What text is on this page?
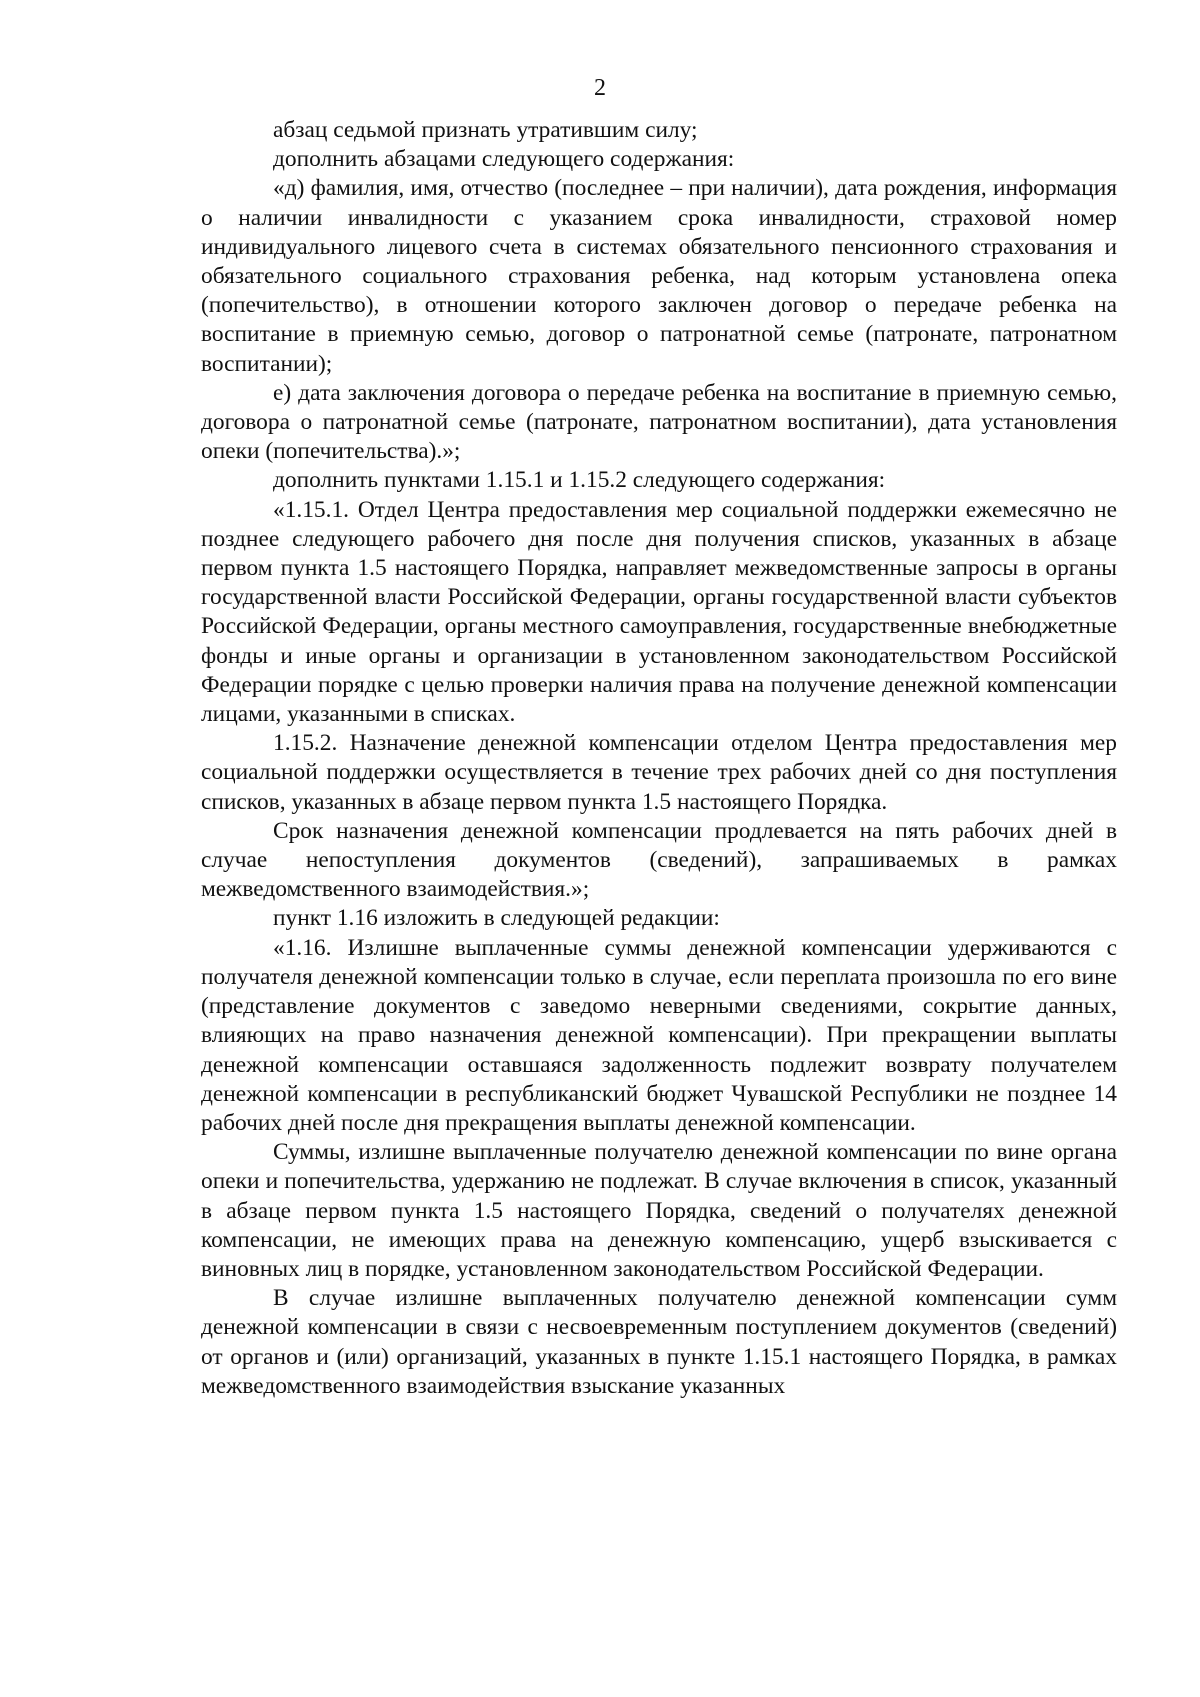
2

абзац седьмой признать утратившим силу;

дополнить абзацами следующего содержания:

«д) фамилия, имя, отчество (последнее – при наличии), дата рождения, информация о наличии инвалидности с указанием срока инвалидности, страховой номер индивидуального лицевого счета в системах обязательного пенсионного страхования и обязательного социального страхования ребенка, над которым установлена опека (попечительство), в отношении которого заключен договор о передаче ребенка на воспитание в приемную семью, договор о патронатной семье (патронате, патронатном воспитании);

е) дата заключения договора о передаче ребенка на воспитание в приемную семью, договора о патронатной семье (патронате, патронатном воспитании), дата установления опеки (попечительства).»;

дополнить пунктами 1.15.1 и 1.15.2 следующего содержания:

«1.15.1. Отдел Центра предоставления мер социальной поддержки ежемесячно не позднее следующего рабочего дня после дня получения списков, указанных в абзаце первом пункта 1.5 настоящего Порядка, направляет межведомственные запросы в органы государственной власти Российской Федерации, органы государственной власти субъектов Российской Федерации, органы местного самоуправления, государственные внебюджетные фонды и иные органы и организации в установленном законодательством Российской Федерации порядке с целью проверки наличия права на получение денежной компенсации лицами, указанными в списках.

1.15.2. Назначение денежной компенсации отделом Центра предоставления мер социальной поддержки осуществляется в течение трех рабочих дней со дня поступления списков, указанных в абзаце первом пункта 1.5 настоящего Порядка.

Срок назначения денежной компенсации продлевается на пять рабочих дней в случае непоступления документов (сведений), запрашиваемых в рамках межведомственного взаимодействия.»;

пункт 1.16 изложить в следующей редакции:

«1.16. Излишне выплаченные суммы денежной компенсации удерживаются с получателя денежной компенсации только в случае, если переплата произошла по его вине (представление документов с заведомо неверными сведениями, сокрытие данных, влияющих на право назначения денежной компенсации). При прекращении выплаты денежной компенсации оставшаяся задолженность подлежит возврату получателем денежной компенсации в республиканский бюджет Чувашской Республики не позднее 14 рабочих дней после дня прекращения выплаты денежной компенсации.

Суммы, излишне выплаченные получателю денежной компенсации по вине органа опеки и попечительства, удержанию не подлежат. В случае включения в список, указанный в абзаце первом пункта 1.5 настоящего Порядка, сведений о получателях денежной компенсации, не имеющих права на денежную компенсацию, ущерб взыскивается с виновных лиц в порядке, установленном законодательством Российской Федерации.

В случае излишне выплаченных получателю денежной компенсации сумм денежной компенсации в связи с несвоевременным поступлением документов (сведений) от органов и (или) организаций, указанных в пункте 1.15.1 настоящего Порядка, в рамках межведомственного взаимодействия взыскание указанных
